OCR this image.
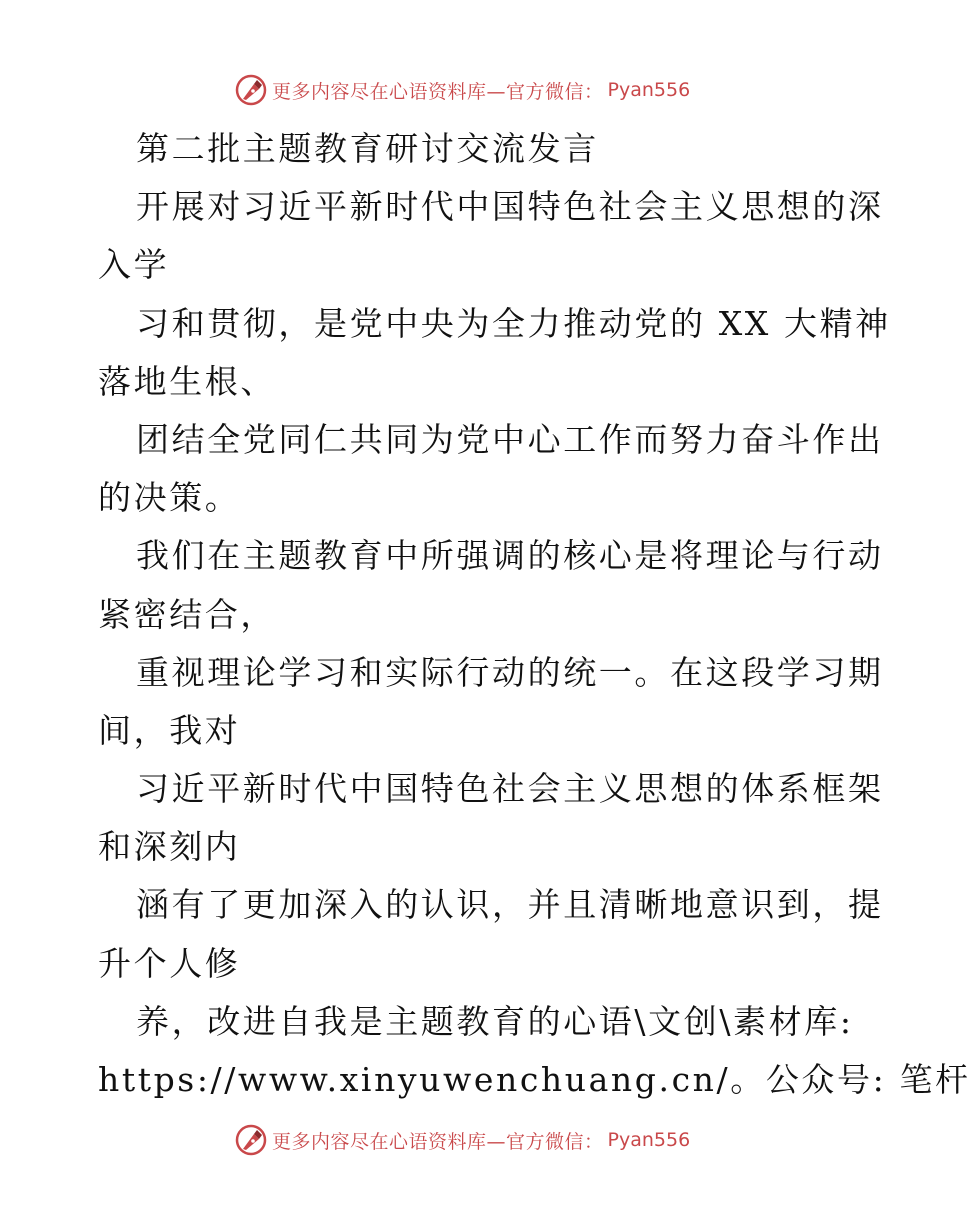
更多内容尽在心语资料库—官方微信： Pyan556
第二批主题教育研讨交流发言
开展对习近平新时代中国特色社会主义思想的深
入学
习和贯彻，是党中央为全力推动党的 XX 大精神
落地生根、
团结全党同仁共同为党中心工作而努力奋斗作出
的决策。
我们在主题教育中所强调的核心是将理论与行动
紧密结合，
重视理论学习和实际行动的统一。在这段学习期
间，我对
习近平新时代中国特色社会主义思想的体系框架
和深刻内
涵有了更加深入的认识，并且清晰地意识到，提
升个人修
养，改进自我是主题教育的心语\文创\素材库:
https://www.xinyuwenchuang.cn/。公众号: 笔杆
更多内容尽在心语资料库—官方微信： Pyan556
